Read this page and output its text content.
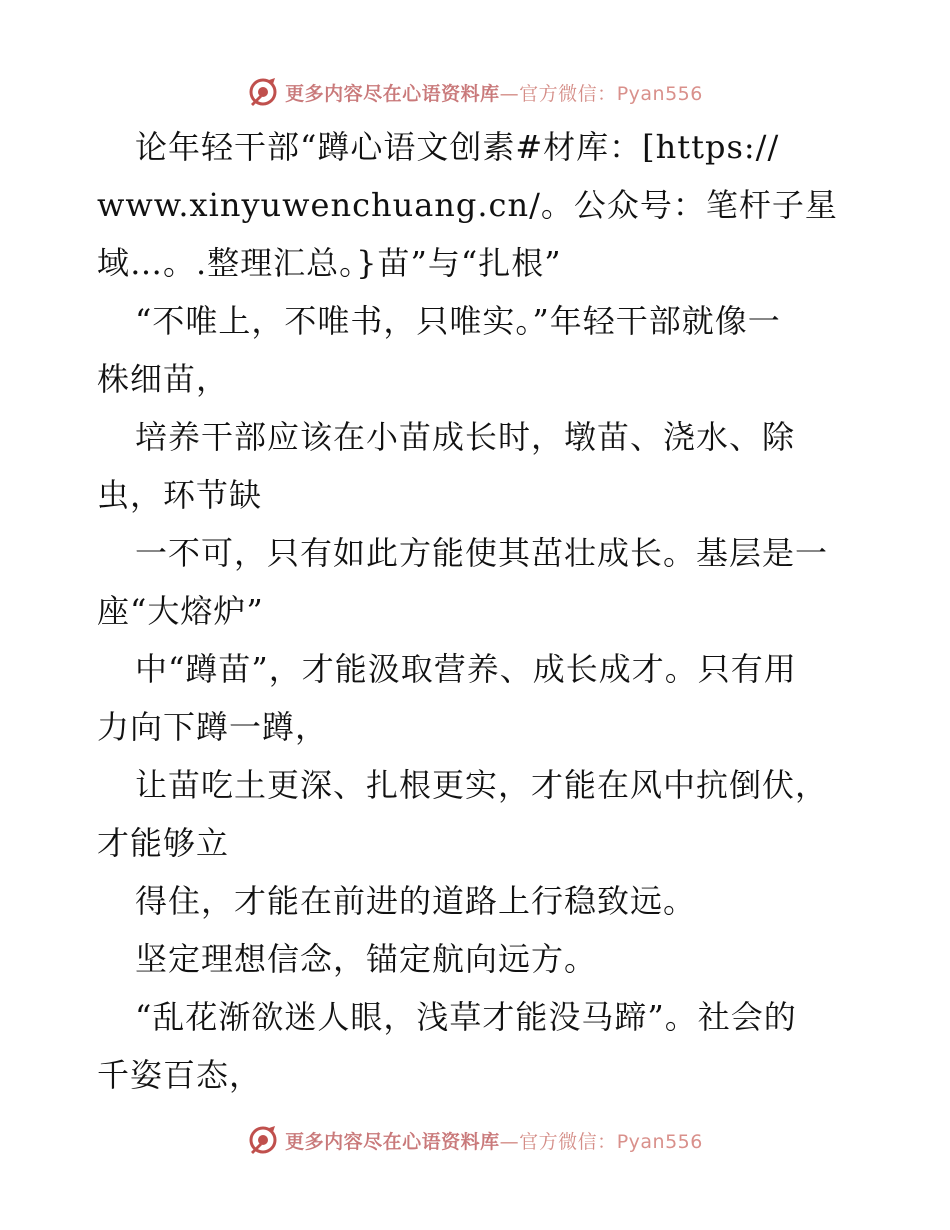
更多内容尽在心语资料库—官方微信：Pyan556
论年轻干部“蹲心语文创素#材库：[https://
www.xinyuwenchuang.cn/。公众号：笔杆子星
域…。.整理汇总。}苗”与“扎根”
“不唯上，不唯书，只唯实。”年轻干部就像一
株细苗，
培养干部应该在小苗成长时，墩苗、浇水、除
虫，环节缺
一不可，只有如此方能使其茁壮成长。基层是一
座“大熔炉”
中“蹲苗”，才能汲取营养、成长成才。只有用
力向下蹲一蹲，
让苗吃土更深、扎根更实，才能在风中抗倒伏，
才能够立
得住，才能在前进的道路上行稳致远。
坚定理想信念，锚定航向远方。
“乱花渐欲迷人眼，浅草才能没马蹄”。社会的
千姿百态，
更多内容尽在心语资料库—官方微信：Pyan556
